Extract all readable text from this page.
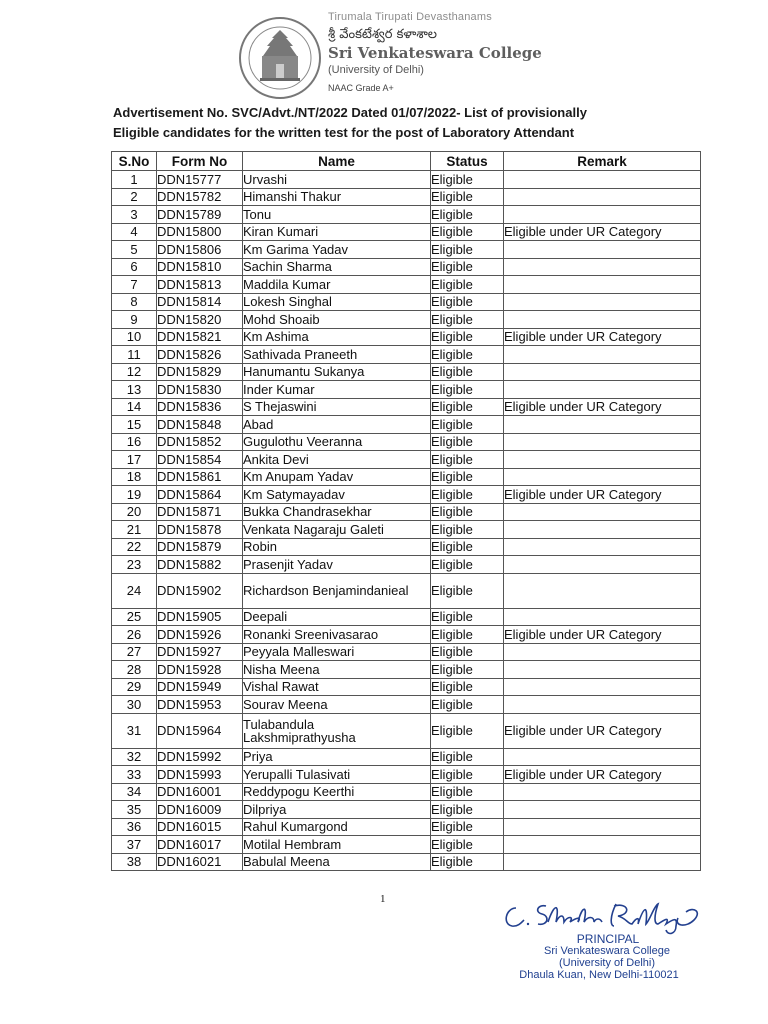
Tirumala Tirupati Devasthanams
శ్రీ వేంకటేశ్వర కళాశాల
Sri Venkateswara College
(University of Delhi)
NAAC Grade A+
Advertisement No. SVC/Advt./NT/2022 Dated 01/07/2022- List of provisionally Eligible candidates for the written test for the post of Laboratory Attendant
S.No	Form No	Name	Status	Remark
1	DDN15777	Urvashi	Eligible	
2	DDN15782	Himanshi Thakur	Eligible	
3	DDN15789	Tonu	Eligible	
4	DDN15800	Kiran Kumari	Eligible	Eligible under UR Category
5	DDN15806	Km Garima Yadav	Eligible	
6	DDN15810	Sachin Sharma	Eligible	
7	DDN15813	Maddila Kumar	Eligible	
8	DDN15814	Lokesh Singhal	Eligible	
9	DDN15820	Mohd Shoaib	Eligible	
10	DDN15821	Km Ashima	Eligible	Eligible under UR Category
11	DDN15826	Sathivada Praneeth	Eligible	
12	DDN15829	Hanumantu Sukanya	Eligible	
13	DDN15830	Inder Kumar	Eligible	
14	DDN15836	S Thejaswini	Eligible	Eligible under UR Category
15	DDN15848	Abad	Eligible	
16	DDN15852	Gugulothu Veeranna	Eligible	
17	DDN15854	Ankita Devi	Eligible	
18	DDN15861	Km Anupam Yadav	Eligible	
19	DDN15864	Km Satymayadav	Eligible	Eligible under UR Category
20	DDN15871	Bukka Chandrasekhar	Eligible	
21	DDN15878	Venkata Nagaraju Galeti	Eligible	
22	DDN15879	Robin	Eligible	
23	DDN15882	Prasenjit Yadav	Eligible	
24	DDN15902	Richardson Benjamindanieal	Eligible	
25	DDN15905	Deepali	Eligible	
26	DDN15926	Ronanki Sreenivasarao	Eligible	Eligible under UR Category
27	DDN15927	Peyyala Malleswari	Eligible	
28	DDN15928	Nisha Meena	Eligible	
29	DDN15949	Vishal Rawat	Eligible	
30	DDN15953	Sourav Meena	Eligible	
31	DDN15964	Tulabandula Lakshmiprathyusha	Eligible	Eligible under UR Category
32	DDN15992	Priya	Eligible	
33	DDN15993	Yerupalli Tulasivati	Eligible	Eligible under UR Category
34	DDN16001	Reddypogu Keerthi	Eligible	
35	DDN16009	Dilpriya	Eligible	
36	DDN16015	Rahul Kumargond	Eligible	
37	DDN16017	Motilal Hembram	Eligible	
38	DDN16021	Babulal Meena	Eligible	
1
PRINCIPAL
Sri Venkateswara College
(University of Delhi)
Dhaula Kuan, New Delhi-110021
